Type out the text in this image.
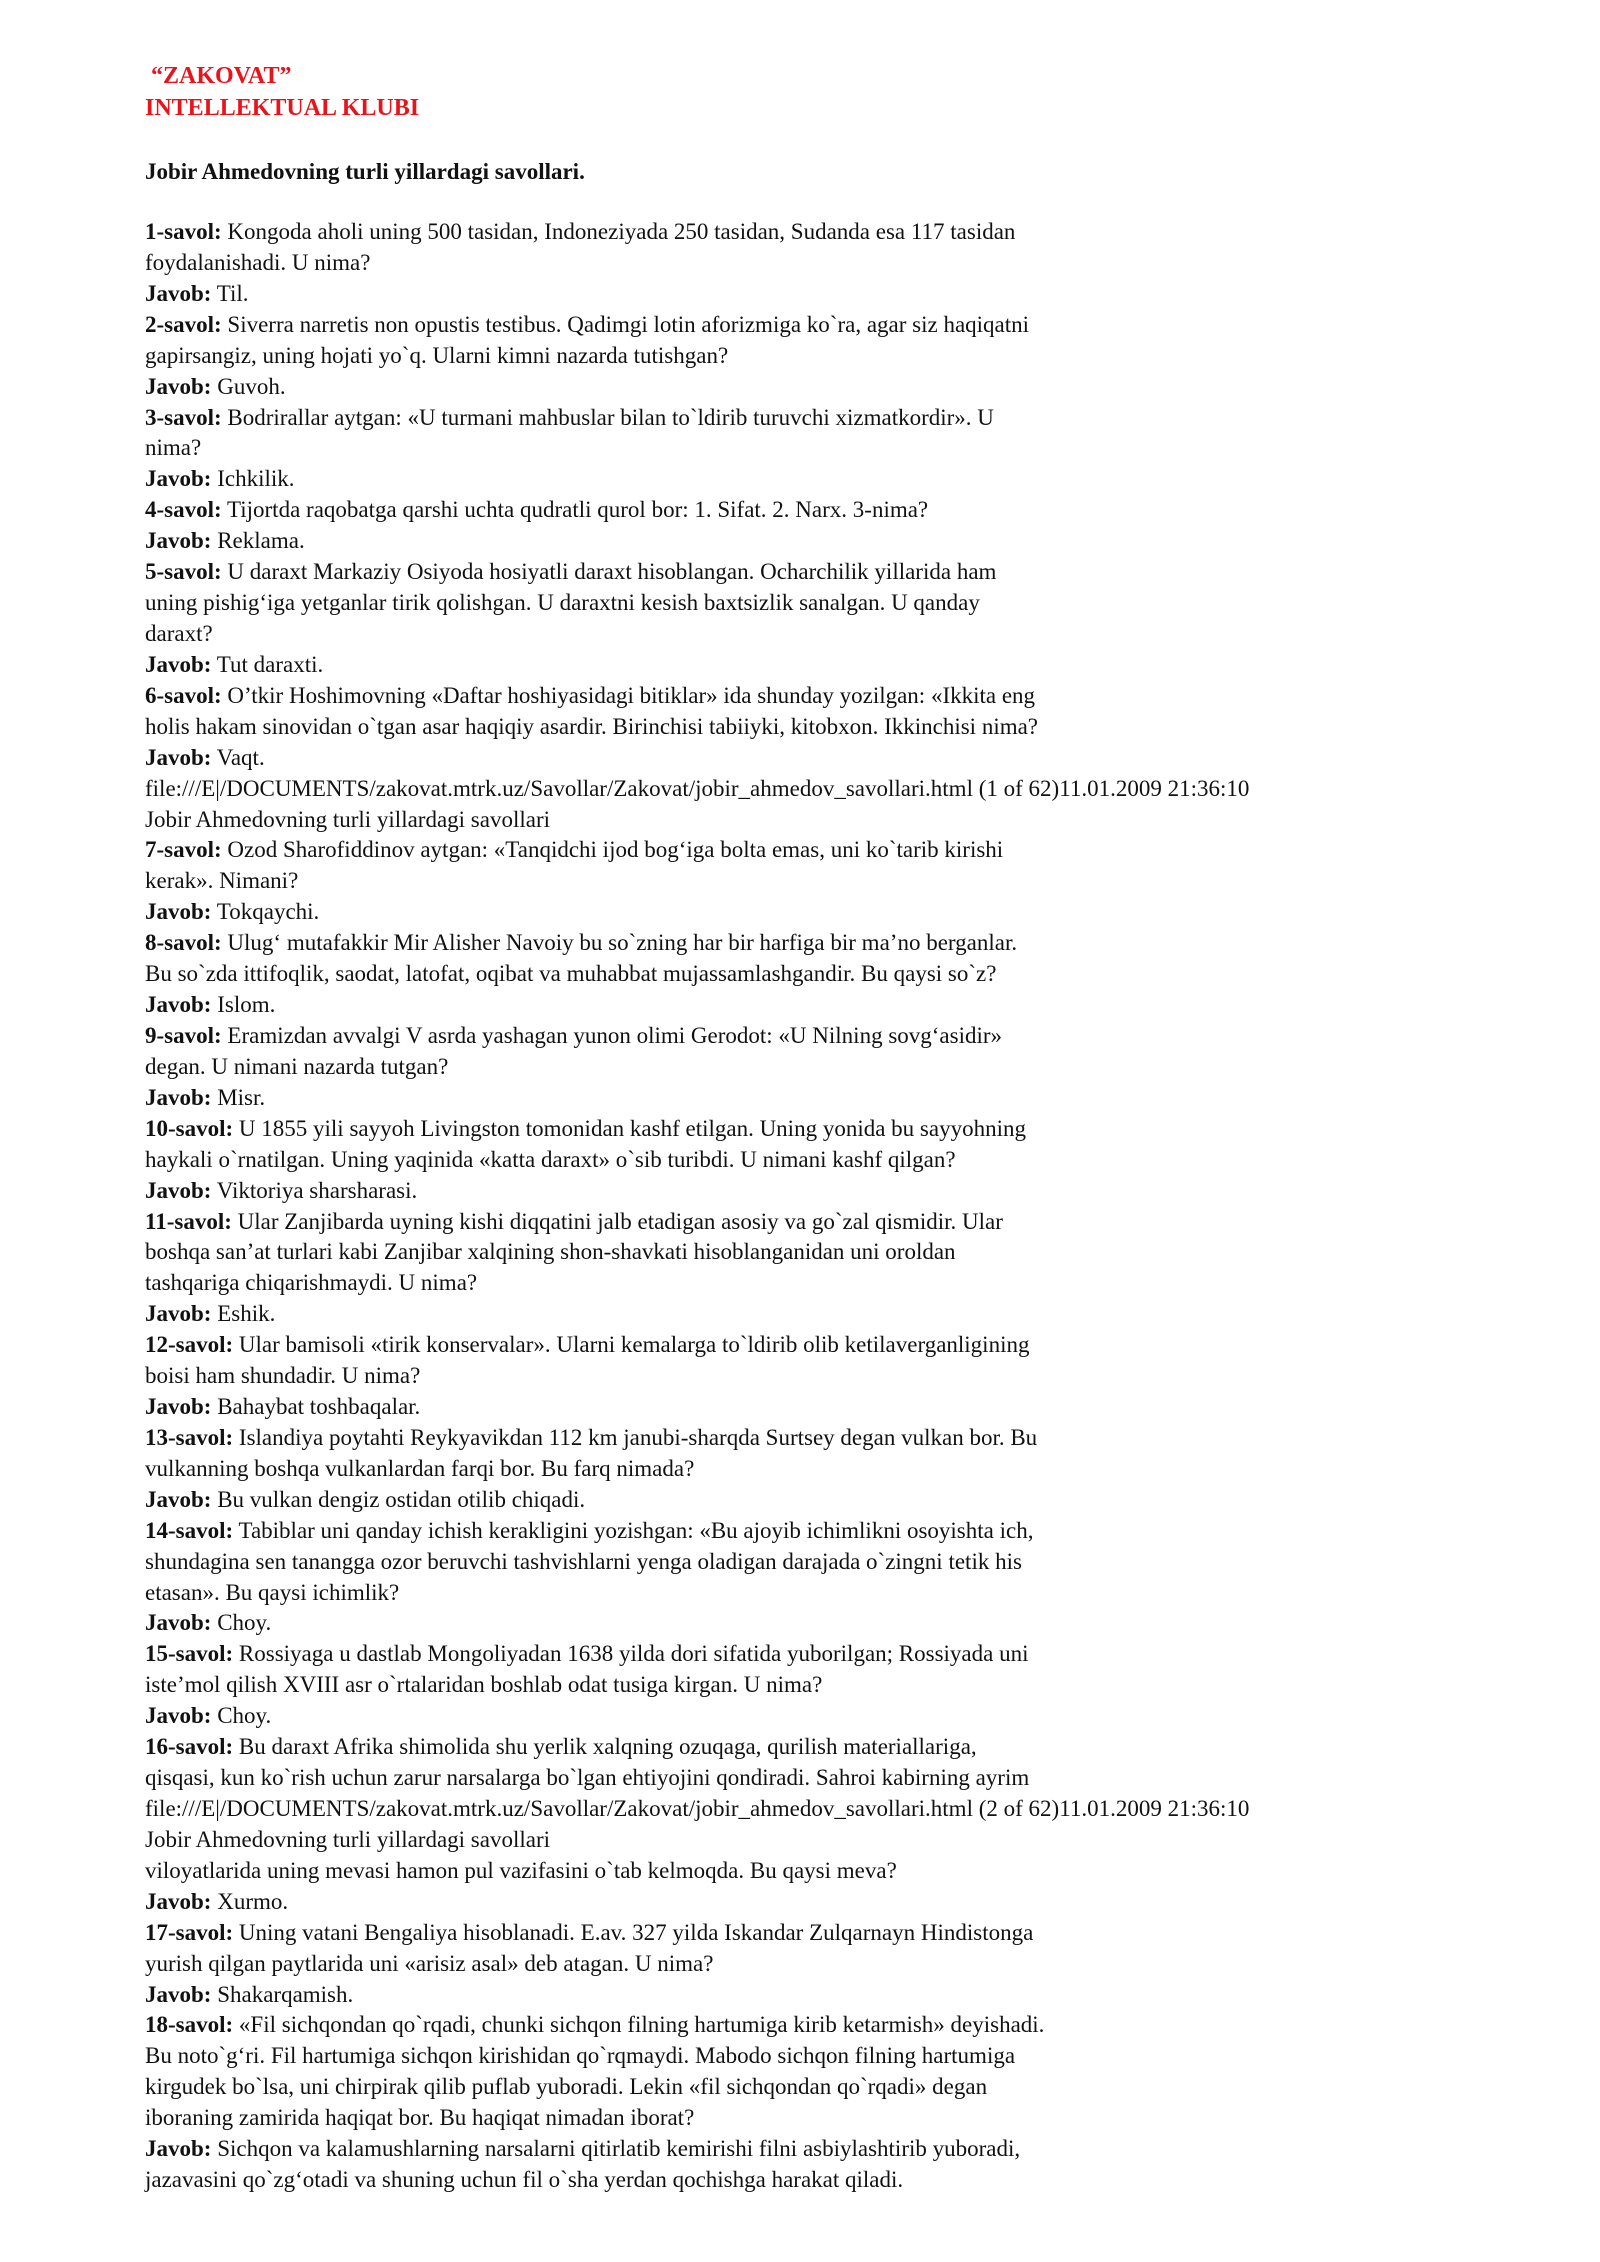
“ZAKOVAT”
INTELLEKTUAL KLUBI
Jobir Ahmedovning turli yillardagi savollari.
1-savol: Kongoda aholi uning 500 tasidan, Indoneziyada 250 tasidan, Sudanda esa 117 tasidan
foydalanishadi. U nima?
Javob: Til.
2-savol: Siverra narretis non opustis testibus. Qadimgi lotin aforizmiga ko`ra, agar siz haqiqatni
gapirsangiz, uning hojati yo`q. Ularni kimni nazarda tutishgan?
Javob: Guvoh.
3-savol: Bodrirallar aytgan: «U turmani mahbuslar bilan to`ldirib turuvchi xizmatkordir». U
nima?
Javob: Ichkilik.
4-savol: Tijortda raqobatga qarshi uchta qudratli qurol bor: 1. Sifat. 2. Narx. 3-nima?
Javob: Reklama.
5-savol: U daraxt Markaziy Osiyoda hosiyatli daraxt hisoblangan. Ocharchilik yillarida ham
uning pishig‘iga yetganlar tirik qolishgan. U daraxtni kesish baxtsizlik sanalgan. U qanday
daraxt?
Javob: Tut daraxti.
6-savol: O’tkir Hoshimovning «Daftar hoshiyasidagi bitiklar» ida shunday yozilgan: «Ikkita eng
holis hakam sinovidan o`tgan asar haqiqiy asardir. Birinchisi tabiiyki, kitobxon. Ikkinchisi nima?
Javob: Vaqt.
file:///E|/DOCUMENTS/zakovat.mtrk.uz/Savollar/Zakovat/jobir_ahmedov_savollari.html (1 of 62)11.01.2009 21:36:10
Jobir Ahmedovning turli yillardagi savollari
7-savol: Ozod Sharofiddinov aytgan: «Tanqidchi ijod bog‘iga bolta emas, uni ko`tarib kirishi
kerak». Nimani?
Javob: Tokqaychi.
8-savol: Ulug‘ mutafakkir Mir Alisher Navoiy bu so`zning har bir harfiga bir ma’no berganlar.
Bu so`zda ittifoqlik, saodat, latofat, oqibat va muhabbat mujassamlashgandir. Bu qaysi so`z?
Javob: Islom.
9-savol: Eramizdan avvalgi V asrda yashagan yunon olimi Gerodot: «U Nilning sovg‘asidir»
degan. U nimani nazarda tutgan?
Javob: Misr.
10-savol: U 1855 yili sayyoh Livingston tomonidan kashf etilgan. Uning yonida bu sayyohning
haykali o`rnatilgan. Uning yaqinida «katta daraxt» o`sib turibdi. U nimani kashf qilgan?
Javob: Viktoriya sharsharasi.
11-savol: Ular Zanjibarda uyning kishi diqqatini jalb etadigan asosiy va go`zal qismidir. Ular
boshqa san’at turlari kabi Zanjibar xalqining shon-shavkati hisoblanganidan uni oroldan
tashqariga chiqarishmaydi. U nima?
Javob: Eshik.
12-savol: Ular bamisoli «tirik konservalar». Ularni kemalarga to`ldirib olib ketilaverganligining
boisi ham shundadir. U nima?
Javob: Bahaybat toshbaqalar.
13-savol: Islandiya poytahti Reykyavikdan 112 km janubi-sharqda Surtsey degan vulkan bor. Bu
vulkanning boshqa vulkanlardan farqi bor. Bu farq nimada?
Javob: Bu vulkan dengiz ostidan otilib chiqadi.
14-savol: Tabiblar uni qanday ichish kerakligini yozishgan: «Bu ajoyib ichimlikni osoyishta ich,
shundagina sen tanangga ozor beruvchi tashvishlarni yenga oladigan darajada o`zingni tetik his
etasan». Bu qaysi ichimlik?
Javob: Choy.
15-savol: Rossiyaga u dastlab Mongoliyadan 1638 yilda dori sifatida yuborilgan; Rossiyada uni
iste’mol qilish XVIII asr o`rtalaridan boshlab odat tusiga kirgan. U nima?
Javob: Choy.
16-savol: Bu daraxt Afrika shimolida shu yerlik xalqning ozuqaga, qurilish materiallariga,
qisqasi, kun ko`rish uchun zarur narsalarga bo`lgan ehtiyojini qondiradi. Sahroi kabirning ayrim
file:///E|/DOCUMENTS/zakovat.mtrk.uz/Savollar/Zakovat/jobir_ahmedov_savollari.html (2 of 62)11.01.2009 21:36:10
Jobir Ahmedovning turli yillardagi savollari
viloyatlarida uning mevasi hamon pul vazifasini o`tab kelmoqda. Bu qaysi meva?
Javob: Xurmo.
17-savol: Uning vatani Bengaliya hisoblanadi. E.av. 327 yilda Iskandar Zulqarnayn Hindistonga
yurish qilgan paytlarida uni «arisiz asal» deb atagan. U nima?
Javob: Shakarqamish.
18-savol: «Fil sichqondan qo`rqadi, chunki sichqon filning hartumiga kirib ketarmish» deyishadi.
Bu noto`g‘ri. Fil hartumiga sichqon kirishidan qo`rqmaydi. Mabodo sichqon filning hartumiga
kirgudek bo`lsa, uni chirpirak qilib puflab yuboradi. Lekin «fil sichqondan qo`rqadi» degan
iboraning zamirida haqiqat bor. Bu haqiqat nimadan iborat?
Javob: Sichqon va kalamushlarning narsalarni qitirlatib kemirishi filni asbiylashtirib yuboradi,
jazavasini qo`zg‘otadi va shuning uchun fil o`sha yerdan qochishga harakat qiladi.
